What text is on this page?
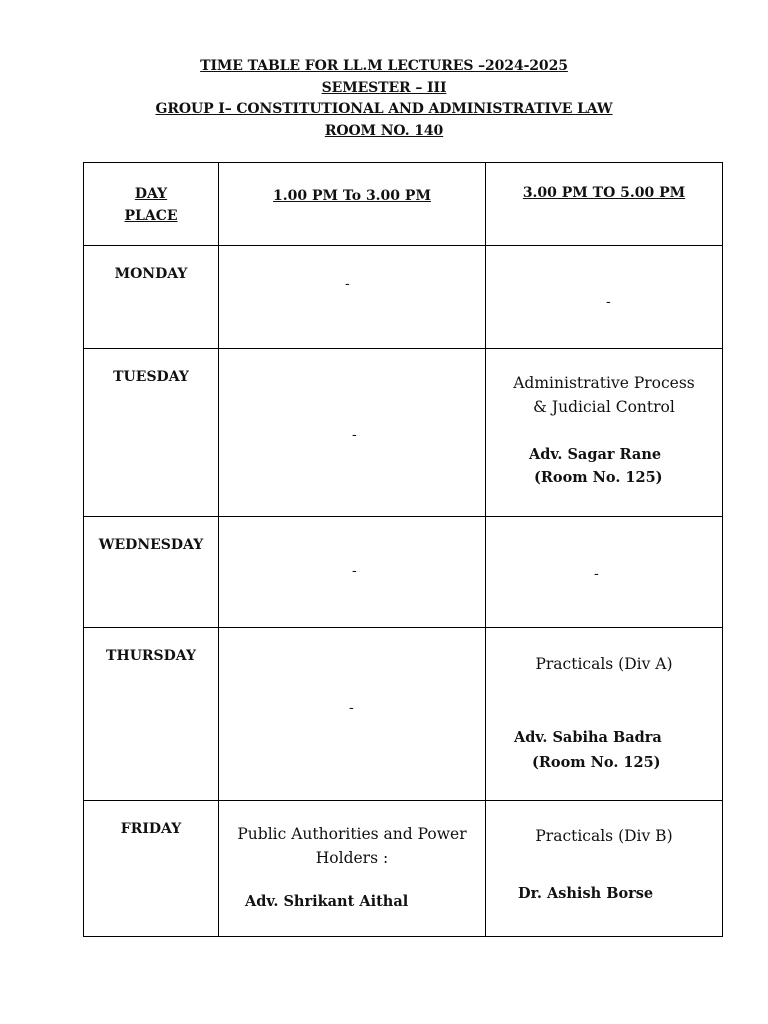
TIME TABLE FOR LL.M LECTURES –2024-2025
SEMESTER – III
GROUP I– CONSTITUTIONAL AND ADMINISTRATIVE LAW
ROOM NO. 140
DAY
PLACE	1.00 PM To 3.00 PM	3.00 PM TO 5.00 PM

MONDAY	-	-

TUESDAY	-	Administrative Process
& Judicial Control
Adv. Sagar Rane
(Room No. 125)

WEDNESDAY	-	-

THURSDAY	-	Practicals (Div A)
Adv. Sabiha Badra
(Room No. 125)

FRIDAY	Public Authorities and Power
Holders :
Adv. Shrikant Aithal	Practicals (Div B)
Dr. Ashish Borse
